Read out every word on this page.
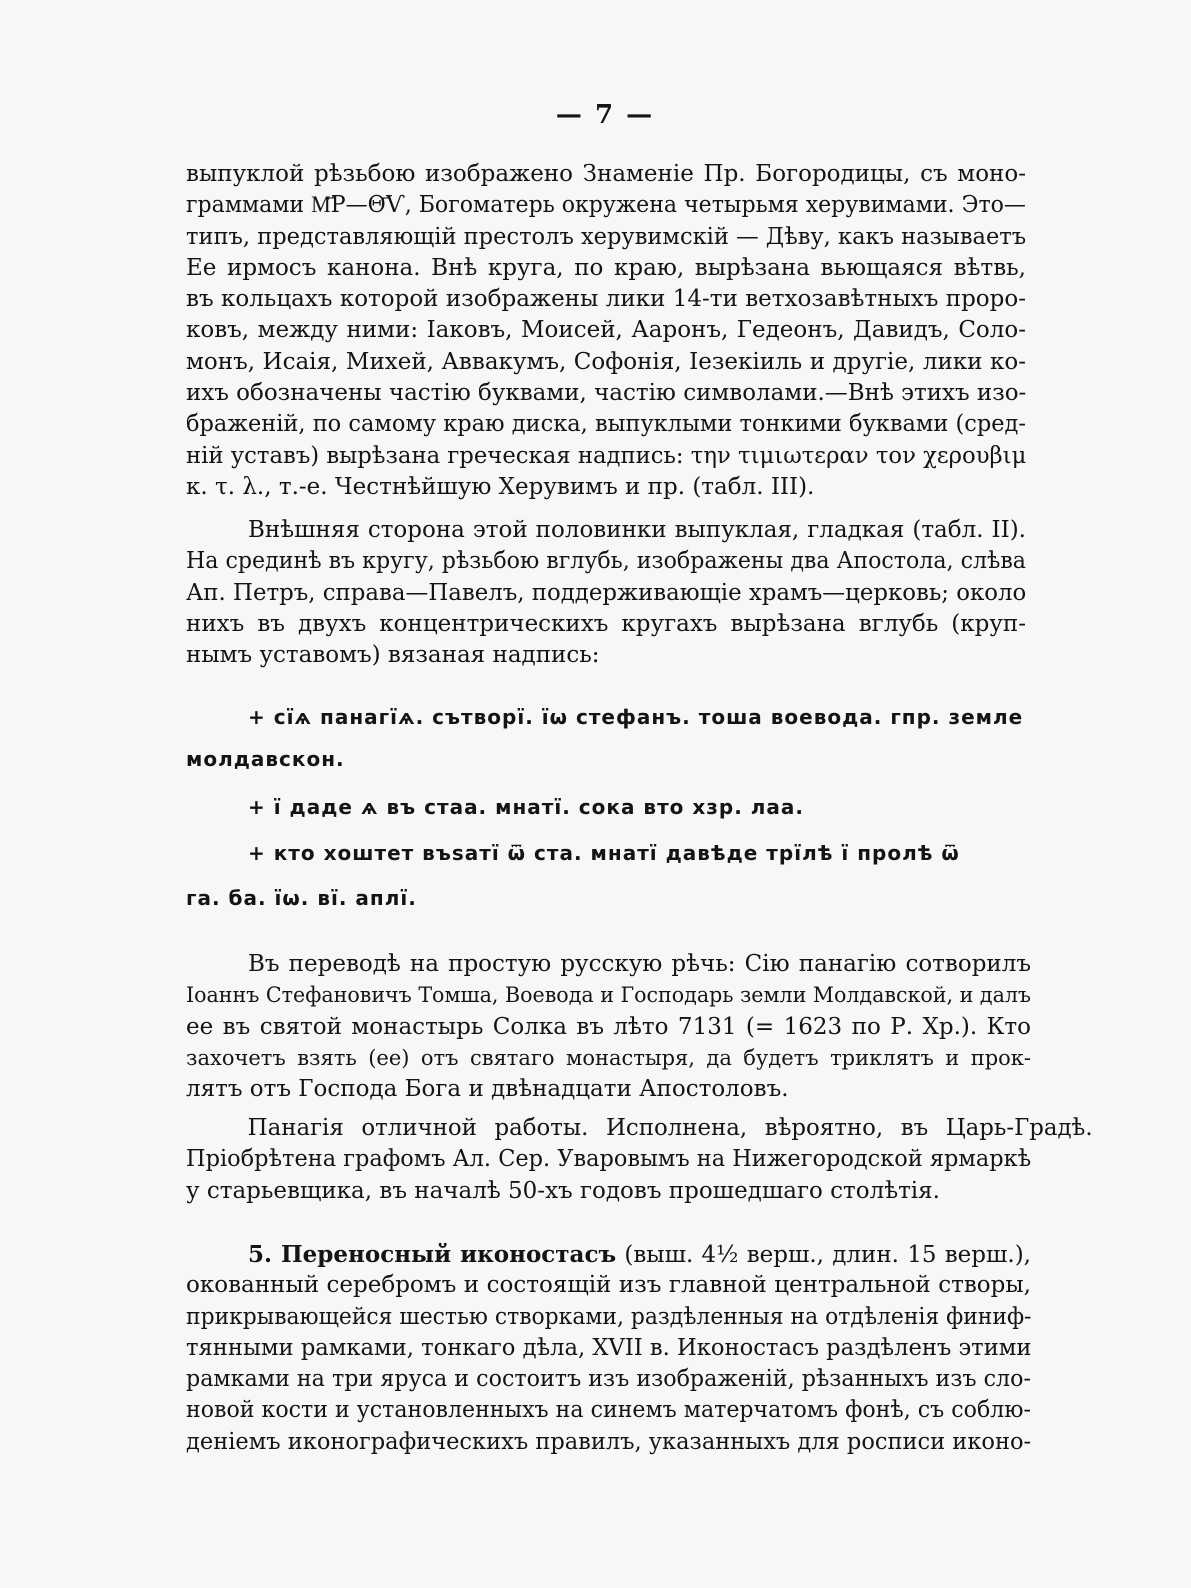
— 7 —
выпуклой рѣзьбою изображено Знаменіе Пр. Богородицы, съ моно-
граммами М҃Р—Θ҃Ѵ, Богоматерь окружена четырьмя херувимами. Это—
типъ, представляющій престолъ херувимскій — Дѣву, какъ называетъ
Ее ирмосъ канона. Внѣ круга, по краю, вырѣзана вьющаяся вѣтвь,
въ кольцахъ которой изображены лики 14-ти ветхозавѣтныхъ проро-
ковъ, между ними: Іаковъ, Моисей, Ааронъ, Гедеонъ, Давидъ, Соло-
монъ, Исаія, Михей, Аввакумъ, Софонія, Іезекіиль и другіе, лики ко-
ихъ обозначены частію буквами, частію символами.—Внѣ этихъ изо-
браженій, по самому краю диска, выпуклыми тонкими буквами (сред-
ній уставъ) вырѣзана греческая надпись: την τιμιωτεραν τον χερουβιμ
κ. τ. λ., т.-е. Честнѣйшую Херувимъ и пр. (табл. III).
Внѣшняя сторона этой половинки выпуклая, гладкая (табл. II).
На срединѣ въ кругу, рѣзьбою вглубь, изображены два Апостола, слѣва
Ап. Петръ, справа—Павелъ, поддерживающіе храмъ—церковь; около
нихъ въ двухъ концентрическихъ кругахъ вырѣзана вглубь (круп-
нымъ уставомъ) вязаная надпись:
+ сїѧ панагїѧ. сътворї. їѡ стефанъ. тоша воевода. гпр. земле
молдавскон.
+ ї даде ѧ въ стаа. мнатї. сока вто хзр. лаа.
+ кто хоштет въѕатї ѿ ста. мнатї давѣде трїлѣ ї пролѣ ѿ
га. ба. їѡ. вї. аплї.
Въ переводѣ на простую русскую рѣчь: Сію панагію сотворилъ
Іоаннъ Стефановичъ Томша, Воевода и Господарь земли Молдавской, и далъ
ее въ святой монастырь Солка въ лѣто 7131 (= 1623 по Р. Хр.). Кто
захочетъ взять (ее) отъ святаго монастыря, да будетъ триклятъ и прок-
лятъ отъ Господа Бога и двѣнадцати Апостоловъ.
Панагія отличной работы. Исполнена, вѣроятно, въ Царь-Градѣ.
Пріобрѣтена графомъ Ал. Сер. Уваровымъ на Нижегородской ярмаркѣ
у старьевщика, въ началѣ 50-хъ годовъ прошедшаго столѣтія.
5. Переносный иконостасъ (выш. 4½ верш., длин. 15 верш.),
окованный серебромъ и состоящій изъ главной центральной створы,
прикрывающейся шестью створками, раздѣленныя на отдѣленія финиф-
тянными рамками, тонкаго дѣла, XVII в. Иконостасъ раздѣленъ этими
рамками на три яруса и состоитъ изъ изображеній, рѣзанныхъ изъ сло-
новой кости и установленныхъ на синемъ матерчатомъ фонѣ, съ соблю-
деніемъ иконографическихъ правилъ, указанныхъ для росписи иконо-
